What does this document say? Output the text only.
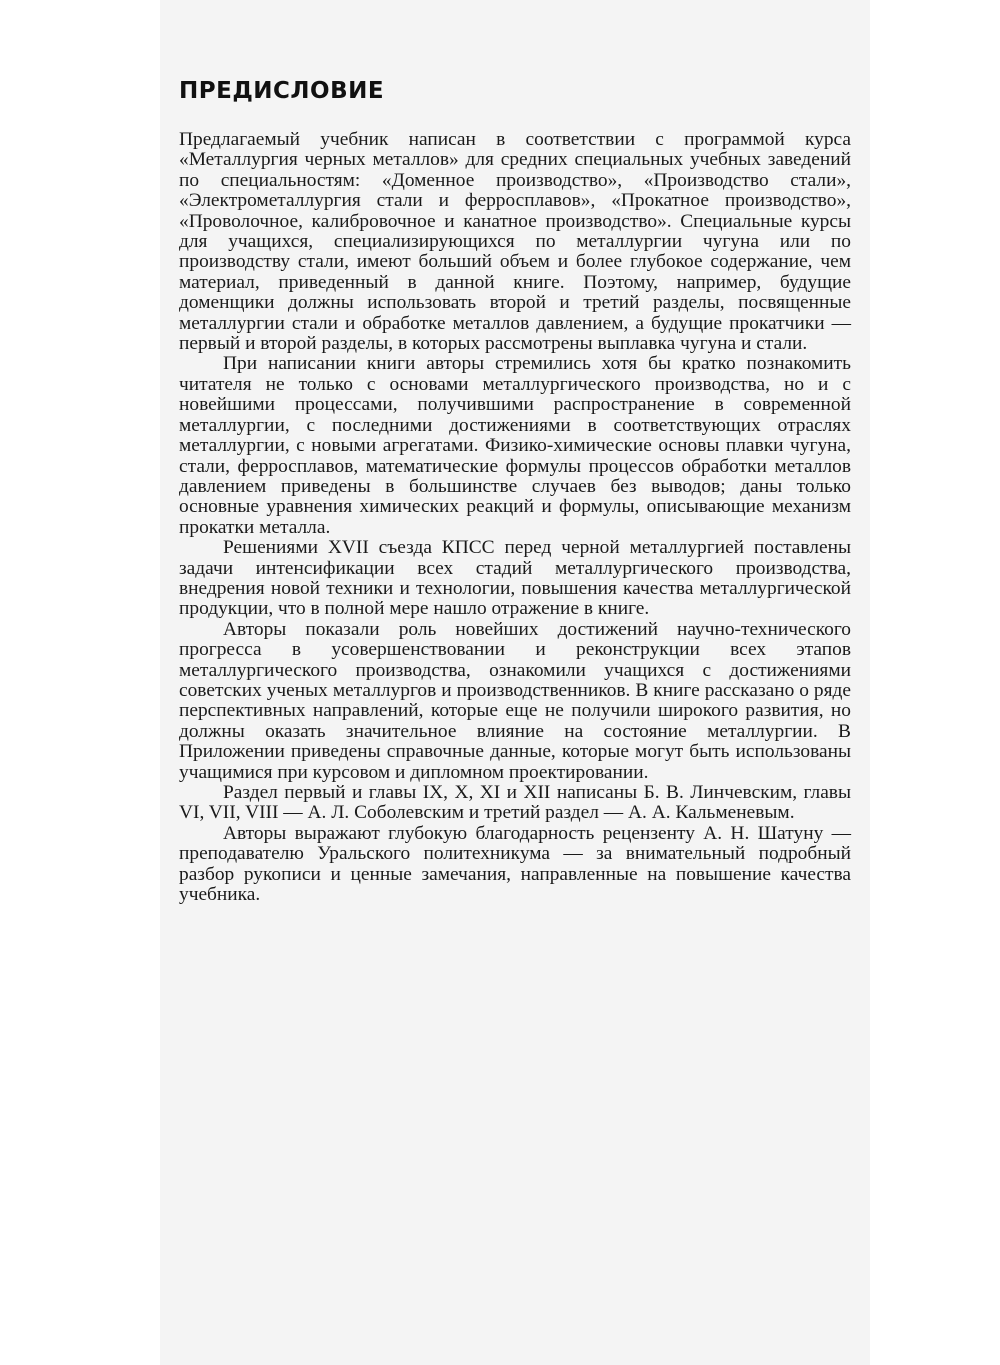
ПРЕДИСЛОВИЕ

Предлагаемый учебник написан в соответствии с программой курса «Металлургия черных металлов» для средних специальных учебных заведений по специальностям: «Доменное производство», «Производство стали», «Электрометаллургия стали и ферросплавов», «Прокатное производство», «Проволочное, калибровочное и канатное производство». Специальные курсы для учащихся, специализирующихся по металлургии чугуна или по производству стали, имеют больший объем и более глубокое содержание, чем материал, приведенный в данной книге. Поэтому, например, будущие доменщики должны использовать второй и третий разделы, посвященные металлургии стали и обработке металлов давлением, а будущие прокатчики — первый и второй разделы, в которых рассмотрены выплавка чугуна и стали.

При написании книги авторы стремились хотя бы кратко познакомить читателя не только с основами металлургического производства, но и с новейшими процессами, получившими распространение в современной металлургии, с последними достижениями в соответствующих отраслях металлургии, с новыми агрегатами. Физико-химические основы плавки чугуна, стали, ферросплавов, математические формулы процессов обработки металлов давлением приведены в большинстве случаев без выводов; даны только основные уравнения химических реакций и формулы, описывающие механизм прокатки металла.

Решениями XVII съезда КПСС перед черной металлургией поставлены задачи интенсификации всех стадий металлургического производства, внедрения новой техники и технологии, повышения качества металлургической продукции, что в полной мере нашло отражение в книге.

Авторы показали роль новейших достижений научно-технического прогресса в усовершенствовании и реконструкции всех этапов металлургического производства, ознакомили учащихся с достижениями советских ученых металлургов и производственников. В книге рассказано о ряде перспективных направлений, которые еще не получили широкого развития, но должны оказать значительное влияние на состояние металлургии. В Приложении приведены справочные данные, которые могут быть использованы учащимися при курсовом и дипломном проектировании.

Раздел первый и главы IX, X, XI и XII написаны Б. В. Линчевским, главы VI, VII, VIII — А. Л. Соболевским и третий раздел — А. А. Кальменевым.

Авторы выражают глубокую благодарность рецензенту А. Н. Шатуну — преподавателю Уральского политехникума — за внимательный подробный разбор рукописи и ценные замечания, направленные на повышение качества учебника.
